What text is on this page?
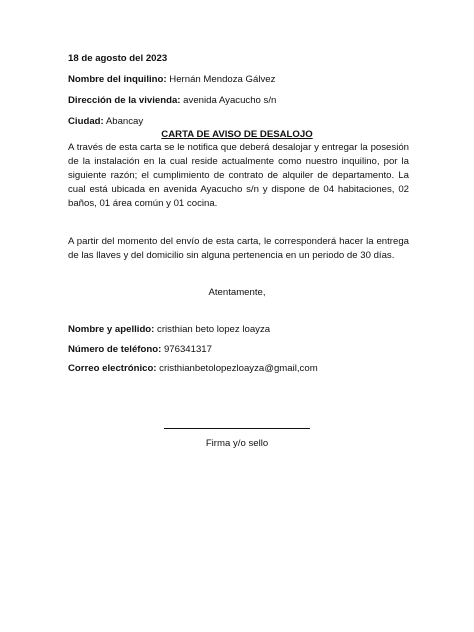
18 de agosto del 2023
Nombre del inquilino: Hernán Mendoza Gálvez
Dirección de la vivienda: avenida Ayacucho s/n
Ciudad: Abancay
CARTA DE AVISO DE DESALOJO
A través de esta carta se le notifica que deberá desalojar y entregar la posesión de la instalación en la cual reside actualmente como nuestro inquilino, por la siguiente razón; el cumplimiento de contrato de alquiler de departamento. La cual está ubicada en avenida Ayacucho s/n y dispone de 04 habitaciones, 02 baños, 01 área común y 01 cocina.
A partir del momento del envío de esta carta, le corresponderá hacer la entrega de las llaves y del domicilio sin alguna pertenencia en un periodo de 30 días.
Atentamente,
Nombre y apellido: cristhian beto lopez loayza
Número de teléfono: 976341317
Correo electrónico: cristhianbetolopezloayza@gmail,com
Firma y/o sello
